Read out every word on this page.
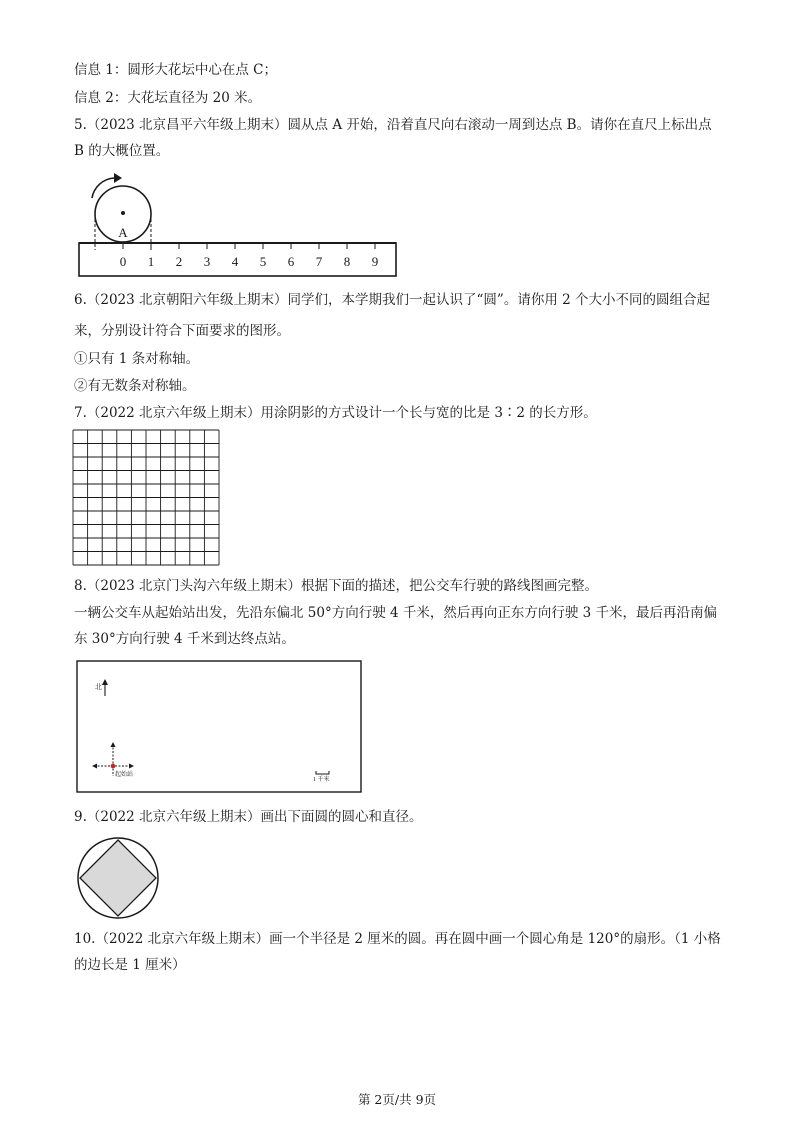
信息 1：圆形大花坛中心在点 C；
信息 2：大花坛直径为 20 米。
5.（2023 北京昌平六年级上期末）圆从点 A 开始，沿着直尺向右滚动一周到达点 B。请你在直尺上标出点
B 的大概位置。
A
0 1 2 3 4 5 6 7 8 9
6.（2023 北京朝阳六年级上期末）同学们，本学期我们一起认识了“圆”。请你用 2 个大小不同的圆组合起
来，分别设计符合下面要求的图形。
①只有 1 条对称轴。
②有无数条对称轴。
7.（2022 北京六年级上期末）用涂阴影的方式设计一个长与宽的比是 3∶2 的长方形。
8.（2023 北京门头沟六年级上期末）根据下面的描述，把公交车行驶的路线图画完整。
一辆公交车从起始站出发，先沿东偏北 50°方向行驶 4 千米，然后再向正东方向行驶 3 千米，最后再沿南偏
东 30°方向行驶 4 千米到达终点站。
北
起始站
1 千米
9.（2022 北京六年级上期末）画出下面圆的圆心和直径。
10.（2022 北京六年级上期末）画一个半径是 2 厘米的圆。再在圆中画一个圆心角是 120°的扇形。（1 小格
的边长是 1 厘米）
第 2页/共 9页
